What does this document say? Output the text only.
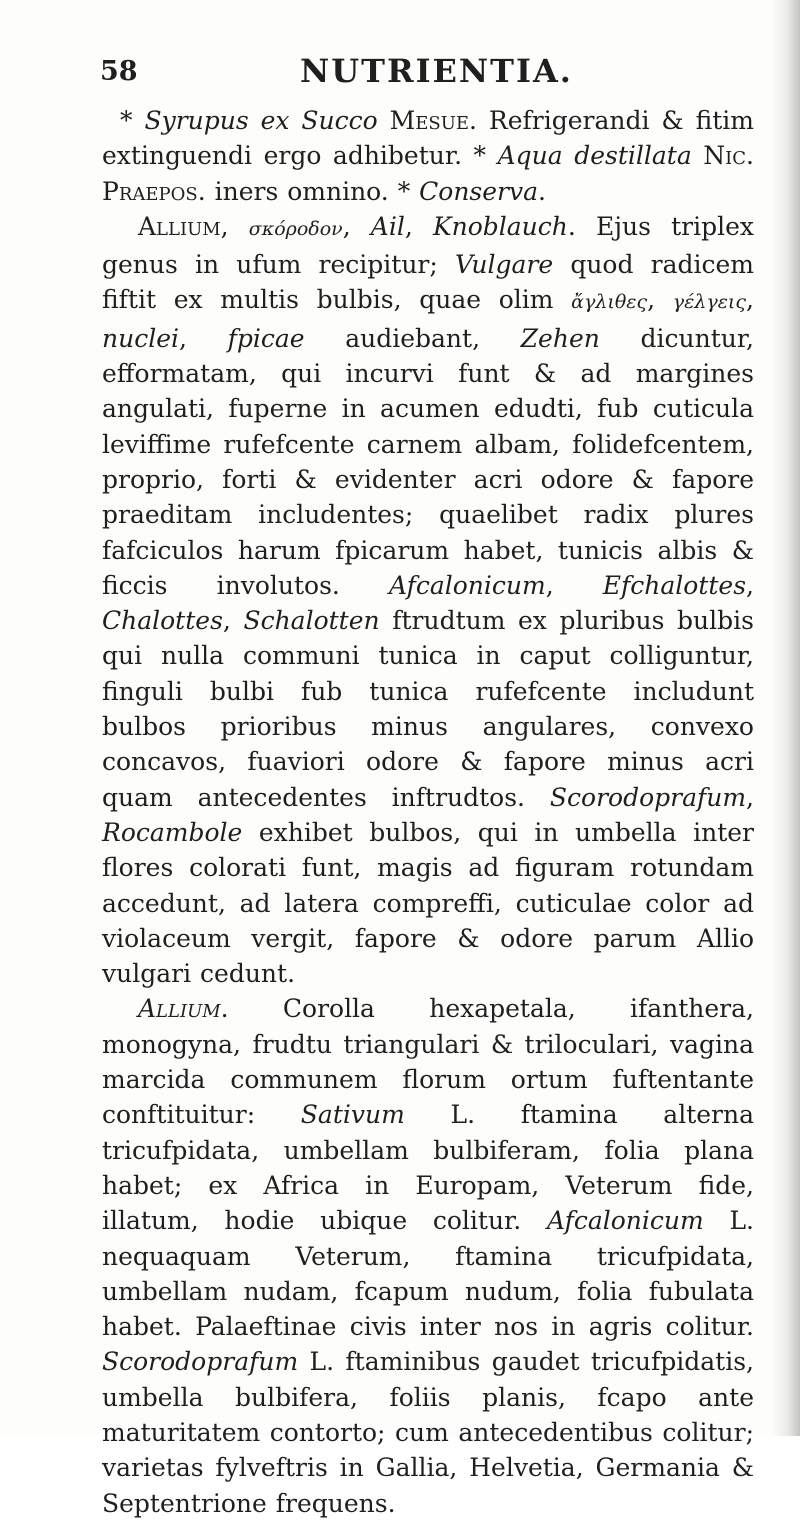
58	NUTRIENTIA.

* Syrupus ex Succo Mesue. Refrigerandi & fitim extinguendi ergo adhibetur. * Aqua destillata Nic. Praepos. iners omnino. * Conserva.

Allium, σκόροδον, Ail, Knoblauch. Ejus triplex genus in ufum recipitur; Vulgare quod radicem fiftit ex multis bulbis, quae olim ἄγλιθες, γέλγεις, nuclei, fpicae audiebant, Zehen dicuntur, efformatam, qui incurvi funt & ad margines angulati, fuperne in acumen edudti, fub cuticula leviffime rufefcente carnem albam, folidefcentem, proprio, forti & evidenter acri odore & fapore praeditam includentes; quaelibet radix plures fafciculos harum fpicarum habet, tunicis albis & ficcis involutos. Afcalonicum, Efchalottes, Chalottes, Schalotten ftrudtum ex pluribus bulbis qui nulla communi tunica in caput colliguntur, finguli bulbi fub tunica rufefcente includunt bulbos prioribus minus angulares, convexo concavos, fuaviori odore & fapore minus acri quam antecedentes inftrudtos. Scorodoprafum, Rocambole exhibet bulbos, qui in umbella inter flores colorati funt, magis ad figuram rotundam accedunt, ad latera compreffi, cuticulae color ad violaceum vergit, fapore & odore parum Allio vulgari cedunt.

Allium. Corolla hexapetala, ifanthera, monogyna, frudtu triangulari & triloculari, vagina marcida communem florum ortum fuftentante conftituitur: Sativum L. ftamina alterna tricufpidata, umbellam bulbiferam, folia plana habet; ex Africa in Europam, Veterum fide, illatum, hodie ubique colitur. Afcalonicum L. nequaquam Veterum, ftamina tricufpidata, umbellam nudam, fcapum nudum, folia fubulata habet. Palaeftinae civis inter nos in agris colitur. Scorodoprafum L. ftaminibus gaudet tricufpidatis, umbella bulbifera, foliis planis, fcapo ante maturitatem contorto; cum antecedentibus colitur; varietas fylveftris in Gallia, Helvetia, Germania & Septentrione frequens.
